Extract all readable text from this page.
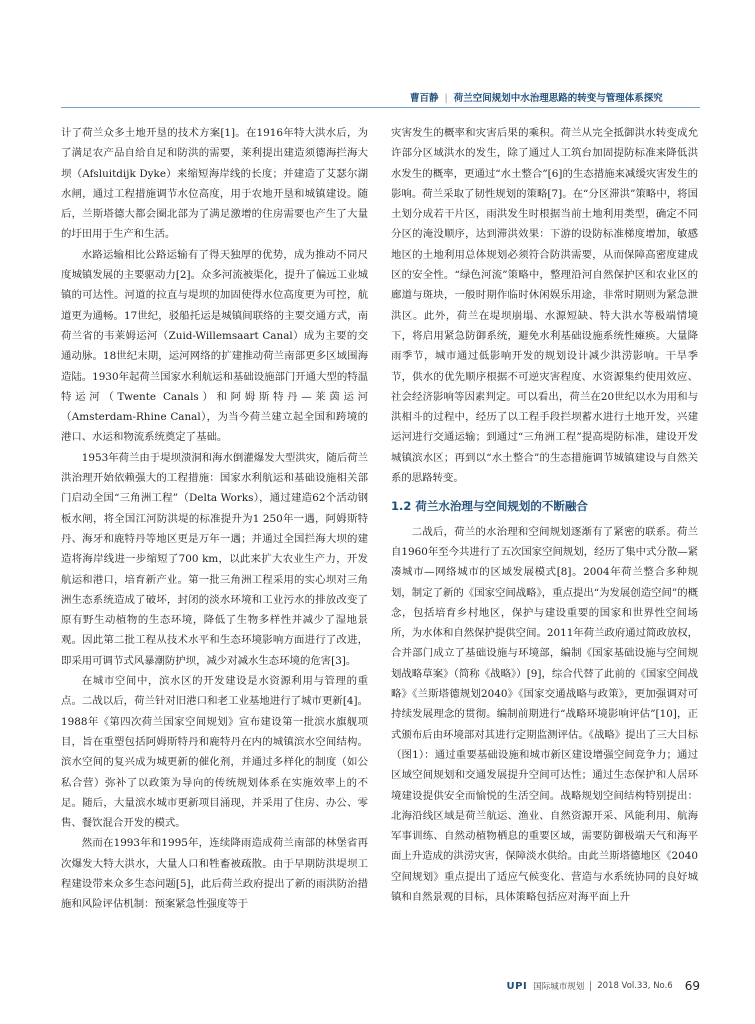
曹百静 | 荷兰空间规划中水治理思路的转变与管理体系探究

计了荷兰众多土地开垦的技术方案[1]。在1916年特大洪水后，为了满足农产品自给自足和防洪的需要，莱利提出建造须德海拦海大坝（Afsluitdijk Dyke）来缩短海岸线的长度；并建造了艾瑟尔湖水闸，通过工程措施调节水位高度，用于农地开垦和城镇建设。随后，兰斯塔德大都会圈北部为了满足激增的住房需要也产生了大量的圩田用于生产和生活。

水路运输相比公路运输有了得天独厚的优势，成为推动不同尺度城镇发展的主要驱动力[2]。众多河流被渠化，提升了偏远工业城镇的可达性。河道的拉直与堤坝的加固使得水位高度更为可控，航道更为通畅。17世纪，驳船托运是城镇间联络的主要交通方式，南荷兰省的韦莱姆运河（Zuid-Willemsaart Canal）成为主要的交通动脉。18世纪末期，运河网络的扩建推动荷兰南部更多区域围海造陆。1930年起荷兰国家水利航运和基础设施部门开通大型的特温特运河（Twente Canals）和阿姆斯特丹—莱茵运河（Amsterdam-Rhine Canal），为当今荷兰建立起全国和跨境的港口、水运和物流系统奠定了基础。

1953年荷兰由于堤坝溃洞和海水倒灌爆发大型洪灾，随后荷兰洪治理开始依赖强大的工程措施：国家水利航运和基础设施相关部门启动全国“三角洲工程”（Delta Works），通过建造62个活动钢板水闸，将全国江河防洪堤的标准提升为1 250年一遇，阿姆斯特丹、海牙和鹿特丹等地区更是万年一遇；并通过全国拦海大坝的建造将海岸线进一步缩短了700 km，以此来扩大农业生产力，开发航运和港口，培育新产业。第一批三角洲工程采用的实心坝对三角洲生态系统造成了破坏，封闭的淡水环境和工业污水的排放改变了原有野生动植物的生态环境，降低了生物多样性并减少了湿地景观。因此第二批工程从技术水平和生态环境影响方面进行了改进，即采用可调节式风暴潮防护坝，减少对减水生态环境的危害[3]。

在城市空间中，滨水区的开发建设是水资源利用与管理的重点。二战以后，荷兰针对旧港口和老工业基地进行了城市更新[4]。1988年《第四次荷兰国家空间规划》宣布建设第一批滨水旗舰项目，旨在重塑包括阿姆斯特丹和鹿特丹在内的城镇滨水空间结构。滨水空间的复兴成为城更新的催化剂，并通过多样化的制度（如公私合营）弥补了以政策为导向的传统规划体系在实施效率上的不足。随后，大量滨水城市更新项目涌现，并采用了住房、办公、零售、餐饮混合开发的模式。

然而在1993年和1995年，连续降雨造成荷兰南部的林堡省再次爆发大特大洪水，大量人口和牲畜被疏散。由于早期防洪堤坝工程建设带来众多生态问题[5]，此后荷兰政府提出了新的雨洪防治措施和风险评估机制：预案紧急性强度等于

灾害发生的概率和灾害后果的乘积。荷兰从完全抵御洪水转变成允许部分区域洪水的发生，除了通过人工筑台加固提防标准来降低洪水发生的概率，更通过“水土整合”[6]的生态措施来减缓灾害发生的影响。荷兰采取了韧性规划的策略[7]。在“分区滞洪”策略中，将国土划分成若干片区，雨洪发生时根据当前土地利用类型，确定不同分区的淹没顺序，达到滞洪效果：下游的设防标准梯度增加，敏感地区的土地利用总体规划必须符合防洪需要，从而保障高密度建成区的安全性。“绿色河流”策略中，整理沿河自然保护区和农业区的廊道与斑块，一般时期作临时休闲娱乐用途，非常时期则为紧急泄洪区。此外，荷兰在堤坝崩塌、水源短缺、特大洪水等极端情境下，将启用紧急防御系统，避免水利基础设施系统性瘫痪。大量降雨季节，城市通过低影响开发的规划设计减少洪涝影响。干旱季节，供水的优先顺序根据不可逆灾害程度、水资源集约使用效应、社会经济影响等因素判定。可以看出，荷兰在20世纪以水为用和与洪相斗的过程中，经历了以工程手段拦坝蓄水进行土地开发，兴建运河进行交通运输；到通过“三角洲工程”提高堤防标准，建设开发城镇滨水区；再到以“水土整合”的生态措施调节城镇建设与自然关系的思路转变。

1.2 荷兰水治理与空间规划的不断融合

二战后，荷兰的水治理和空间规划逐渐有了紧密的联系。荷兰自1960年至今共进行了五次国家空间规划，经历了集中式分散—紧凑城市—网络城市的区域发展模式[8]。2004年荷兰整合多种规划，制定了新的《国家空间战略》，重点提出“为发展创造空间”的概念，包括培育乡村地区，保护与建设重要的国家和世界性空间场所，为水体和自然保护提供空间。2011年荷兰政府通过简政放权，合并部门成立了基础设施与环境部，编制《国家基础设施与空间规划战略草案》（简称《战略》）[9]，综合代替了此前的《国家空间战略》《兰斯塔德规划2040》《国家交通战略与政策》，更加强调对可持续发展理念的贯彻。编制前期进行“战略环境影响评估”[10]，正式颁布后由环境部对其进行定期监测评估。《战略》提出了三大目标（图1）：通过重要基础设施和城市新区建设增强空间竞争力；通过区域空间规划和交通发展提升空间可达性；通过生态保护和人居环境建设提供安全而愉悦的生活空间。战略规划空间结构特别提出：北海沿线区域是荷兰航运、渔业、自然资源开采、风能利用、航海军事训练、自然动植物栖息的重要区域，需要防御极端天气和海平面上升造成的洪涝灾害，保障淡水供给。由此兰斯塔德地区《2040空间规划》重点提出了适应气候变化、营造与水系统协同的良好城镇和自然景观的目标，具体策略包括应对海平面上升

UPI 国际城市规划 2018 Vol.33, No.6 69
